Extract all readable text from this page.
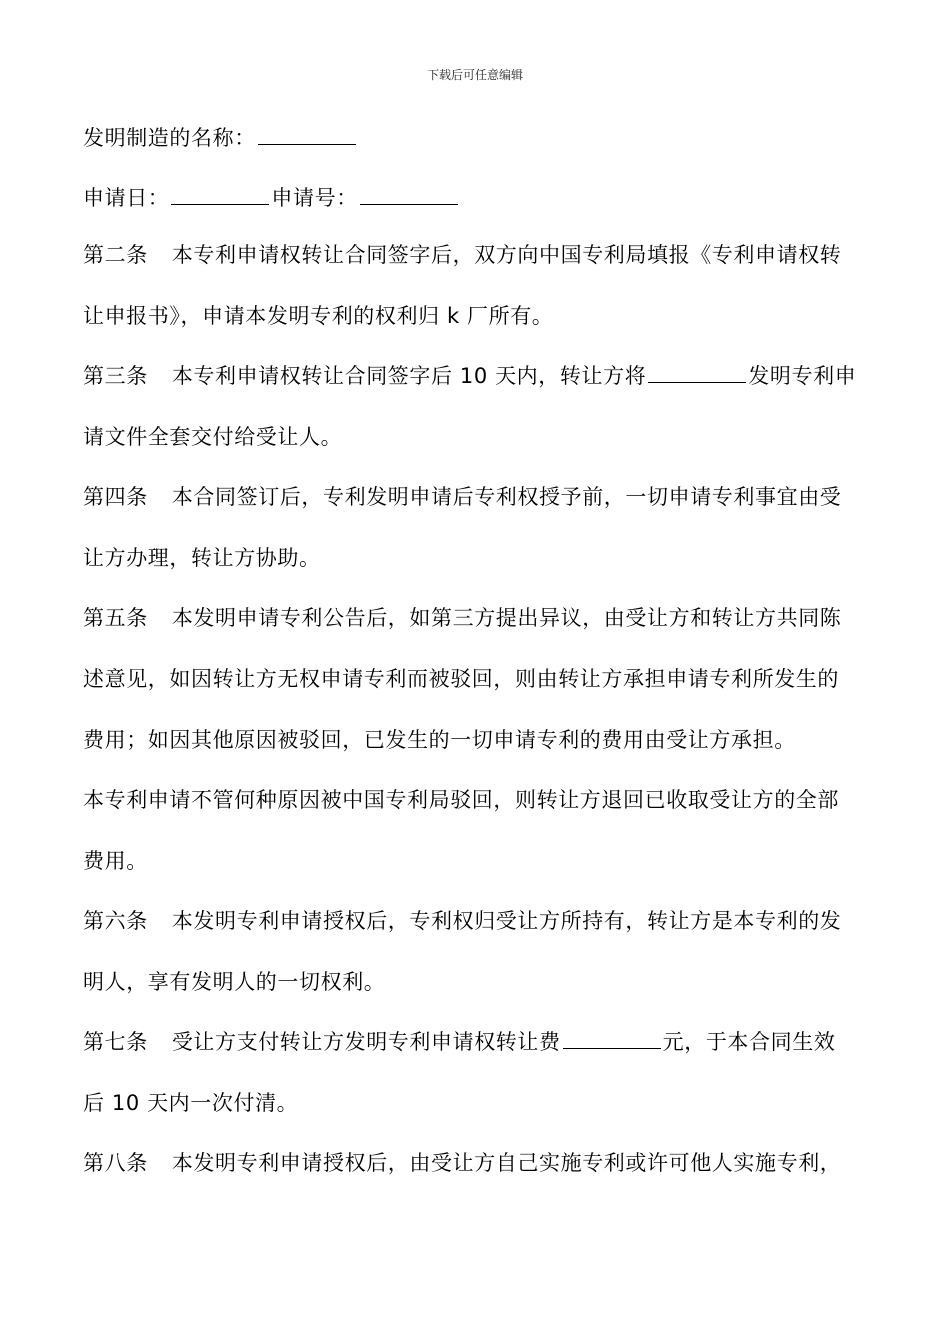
下载后可任意编辑
发明制造的名称：
申请日：	申请号：
第二条 本专利申请权转让合同签字后，双方向中国专利局填报《专利申请权转
让申报书》，申请本发明专利的权利归 k 厂所有。
第三条 本专利申请权转让合同签字后 10 天内，转让方将	发明专利申
请文件全套交付给受让人。
第四条 本合同签订后，专利发明申请后专利权授予前，一切申请专利事宜由受
让方办理，转让方协助。
第五条 本发明申请专利公告后，如第三方提出异议，由受让方和转让方共同陈
述意见，如因转让方无权申请专利而被驳回，则由转让方承担申请专利所发生的
费用；如因其他原因被驳回，已发生的一切申请专利的费用由受让方承担。
本专利申请不管何种原因被中国专利局驳回，则转让方退回已收取受让方的全部
费用。
第六条 本发明专利申请授权后，专利权归受让方所持有，转让方是本专利的发
明人，享有发明人的一切权利。
第七条 受让方支付转让方发明专利申请权转让费	元，于本合同生效
后 10 天内一次付清。
第八条 本发明专利申请授权后，由受让方自己实施专利或许可他人实施专利，
